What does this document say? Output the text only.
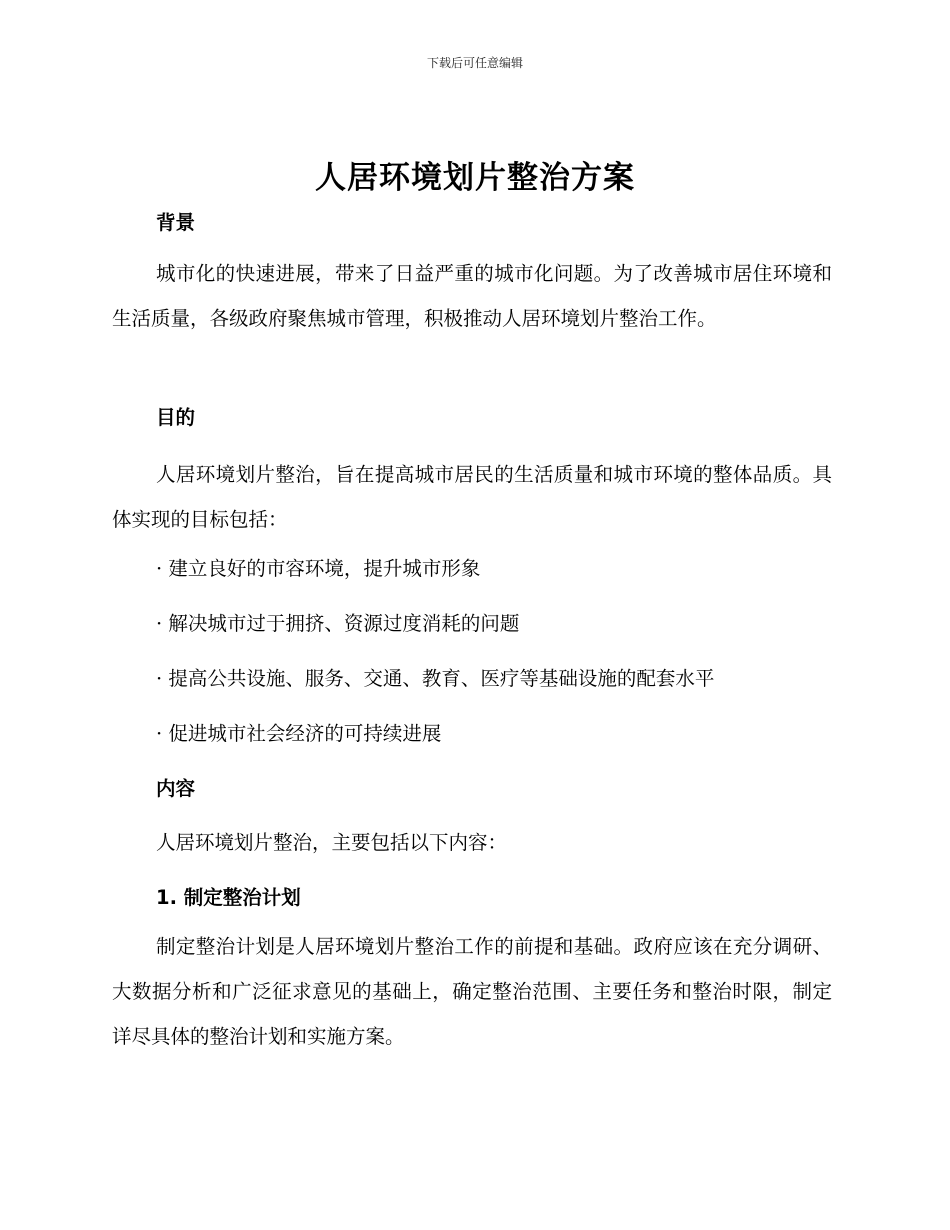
下载后可任意编辑
人居环境划片整治方案
背景
城市化的快速进展，带来了日益严重的城市化问题。为了改善城市居住环境和生活质量，各级政府聚焦城市管理，积极推动人居环境划片整治工作。
目的
人居环境划片整治，旨在提高城市居民的生活质量和城市环境的整体品质。具体实现的目标包括：
· 建立良好的市容环境，提升城市形象
· 解决城市过于拥挤、资源过度消耗的问题
· 提高公共设施、服务、交通、教育、医疗等基础设施的配套水平
· 促进城市社会经济的可持续进展
内容
人居环境划片整治，主要包括以下内容：
1. 制定整治计划
制定整治计划是人居环境划片整治工作的前提和基础。政府应该在充分调研、大数据分析和广泛征求意见的基础上，确定整治范围、主要任务和整治时限，制定详尽具体的整治计划和实施方案。
